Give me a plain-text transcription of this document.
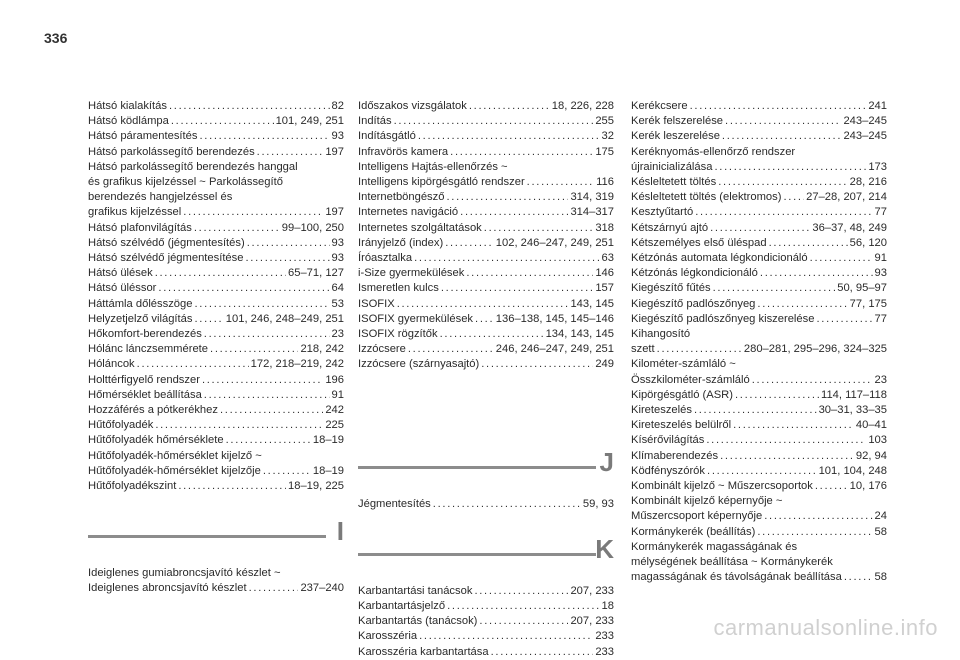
336
Hátsó kialakítás .....	82
Hátsó ködlámpa .....	101, 249, 251
Hátsó páramentesítés .....	93
Hátsó parkolássegítő berendezés .....	197
Hátsó parkolássegítő berendezés hanggal
és grafikus kijelzéssel ~ Parkolássegítő
berendezés hangjelzéssel és
grafikus kijelzéssel .....	197
Hátsó plafonvilágítás .....	99–100, 250
Hátsó szélvédő (jégmentesítés) .....	93
Hátsó szélvédő jégmentesítése .....	93
Hátsó ülések .....	65–71, 127
Hátsó üléssor .....	64
Háttámla dőlésszöge .....	53
Helyzetjelző világítás .....	101, 246, 248–249, 251
Hőkomfort-berendezés .....	23
Hólánc lánczsemmérete .....	218, 242
Hóláncok .....	172, 218–219, 242
Holttérfigyelő rendszer .....	196
Hőmérséklet beállítása .....	91
Hozzáférés a pótkerékhez .....	242
Hűtőfolyadék .....	225
Hűtőfolyadék hőmérséklete .....	18–19
Hűtőfolyadék-hőmérséklet kijelző ~
Hűtőfolyadék-hőmérséklet kijelzője .....	18–19
Hűtőfolyadékszint .....	18–19, 225
I
Ideiglenes gumiabroncsjavító készlet ~
Ideiglenes abroncsjavító készlet .....	237–240
Időszakos vizsgálatok .....	18, 226, 228
Indítás .....	255
Indításgátló .....	32
Infravörös kamera .....	175
Intelligens Hajtás-ellenőrzés ~
Intelligens kipörgésgátló rendszer .....	116
Internetböngésző .....	314, 319
Internetes navigáció .....	314–317
Internetes szolgáltatások .....	318
Irányjelző (index) .....	102, 246–247, 249, 251
Íróasztalka .....	63
i-Size gyermekülések .....	146
Ismeretlen kulcs .....	157
ISOFIX .....	143, 145
ISOFIX gyermekülések ..... 136–138, 145, 145–146
ISOFIX rögzítők .....	134, 143, 145
Izzócsere .....	246, 246–247, 249, 251
Izzócsere (szárnyasajtó) .....	249
J
Jégmentesítés .....	59, 93
K
Karbantartási tanácsok .....	207, 233
Karbantartásjelző .....	18
Karbantartás (tanácsok) .....	207, 233
Karosszéria .....	233
Karosszéria karbantartása .....	233
Kerékcsere .....	241
Kerék felszerelése .....	243–245
Kerék leszerelése .....	243–245
Keréknyomás-ellenőrző rendszer
újrainicializálása .....	173
Késleltetett töltés .....	28, 216
Késleltetett töltés (elektromos) ..... 27–28, 207, 214
Kesztyűtartó .....	77
Kétszárnyú ajtó .....	36–37, 48, 249
Kétszemélyes első üléspad .....	56, 120
Kétzónás automata légkondicionáló .....	91
Kétzónás légkondicionáló .....	93
Kiegészítő fűtés .....	50, 95–97
Kiegészítő padlószőnyeg .....	77, 175
Kiegészítő padlószőnyeg kiszerelése .....	77
Kihangosító
szett .....	280–281, 295–296, 324–325
Kilométer-számláló ~
Összkilométer-számláló .....	23
Kipörgésgátló (ASR) .....	114, 117–118
Kireteszelés .....	30–31, 33–35
Kireteszelés belülről .....	40–41
Kísérővilágítás .....	103
Klímaberendezés .....	92, 94
Ködfényszórók .....	101, 104, 248
Kombinált kijelző ~ Műszercsoportok .....	10, 176
Kombinált kijelző képernyője ~
Műszercsoport képernyője .....	24
Kormánykerék (beállítás) .....	58
Kormánykerék magasságának és
mélységének beállítása ~ Kormánykerék
magasságának és távolságának beállítása .....	58
carmanualsonline.info
